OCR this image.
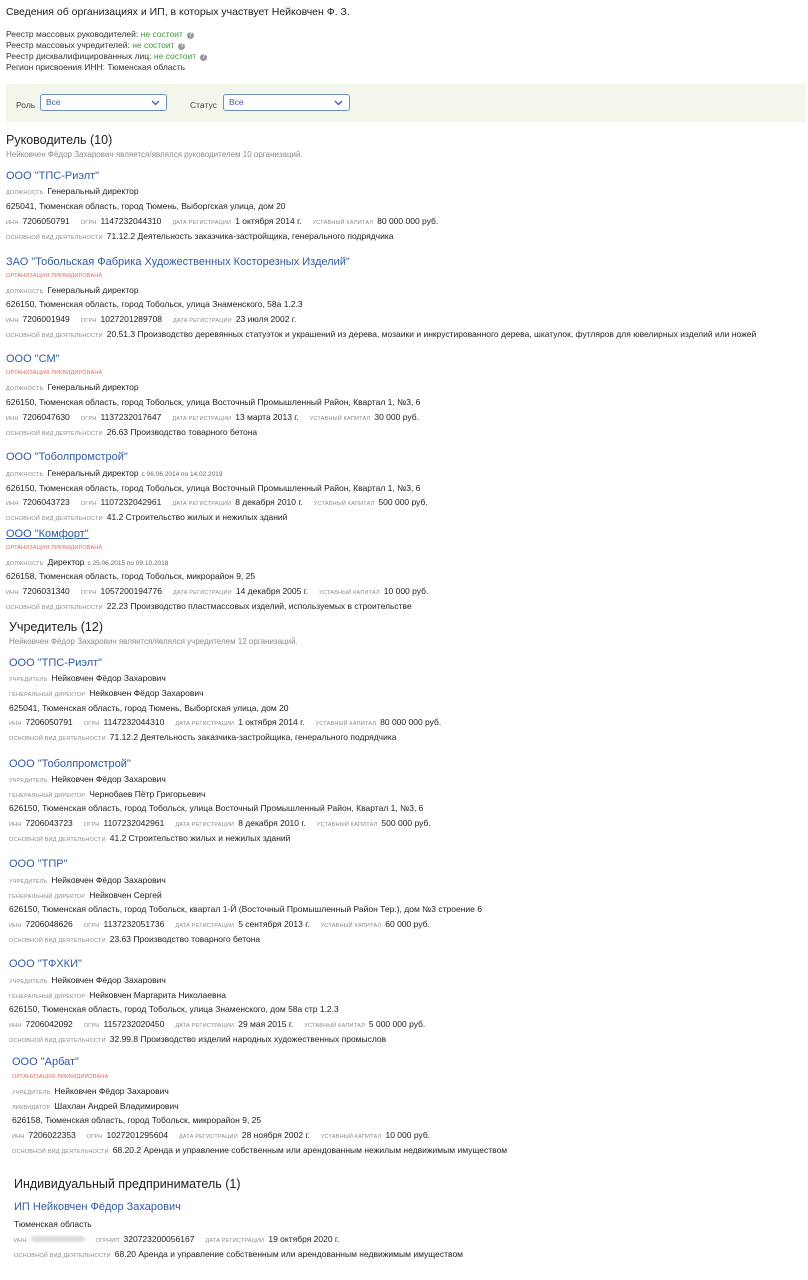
Сведения об организациях и ИП, в которых участвует Нейковчен Ф. З.
Реестр массовых руководителей: не состоит ?
Реестр массовых учредителей: не состоит ?
Реестр дисквалифицированных лиц: не состоит ?
Регион присвоения ИНН: Тюменская область
Роль	Все	Статус	Все
Руководитель (10)
Нейковчен Фёдор Захарович является/являлся руководителем 10 организаций.
ООО "ТПС-Риэлт"
ДОЛЖНОСТЬ Генеральный директор
625041, Тюменская область, город Тюмень, Выборгская улица, дом 20
ИНН 7206050791 ОГРН 1147232044310 ДАТА РЕГИСТРАЦИИ 1 октября 2014 г. УСТАВНЫЙ КАПИТАЛ 80 000 000 руб.
ОСНОВНОЙ ВИД ДЕЯТЕЛЬНОСТИ 71.12.2 Деятельность заказчика-застройщика, генерального подрядчика
ЗАО "Тобольская Фабрика Художественных Косторезных Изделий"
ОРГАНИЗАЦИЯ ЛИКВИДИРОВАНА
ДОЛЖНОСТЬ Генеральный директор
626150, Тюменская область, город Тобольск, улица Знаменского, 58а 1.2.3
ИНН 7206001949 ОГРН 1027201289708 ДАТА РЕГИСТРАЦИИ 23 июля 2002 г.
ОСНОВНОЙ ВИД ДЕЯТЕЛЬНОСТИ 20.51.3 Производство деревянных статуэток и украшений из дерева, мозаики и инкрустированного дерева, шкатулок, футляров для ювелирных изделий или ножей
ООО "СМ"
ОРГАНИЗАЦИЯ ЛИКВИДИРОВАНА
ДОЛЖНОСТЬ Генеральный директор
626150, Тюменская область, город Тобольск, улица Восточный Промышленный Район, Квартал 1, №3, 6
ИНН 7206047630 ОГРН 1137232017647 ДАТА РЕГИСТРАЦИИ 13 марта 2013 г. УСТАВНЫЙ КАПИТАЛ 30 000 руб.
ОСНОВНОЙ ВИД ДЕЯТЕЛЬНОСТИ 26.63 Производство товарного бетона
ООО "Тоболпромстрой"
ДОЛЖНОСТЬ Генеральный директор с 06.06.2014 по 14.02.2019
626150, Тюменская область, город Тобольск, улица Восточный Промышленный Район, Квартал 1, №3, 6
ИНН 7206043723 ОГРН 1107232042961 ДАТА РЕГИСТРАЦИИ 8 декабря 2010 г. УСТАВНЫЙ КАПИТАЛ 500 000 руб.
ОСНОВНОЙ ВИД ДЕЯТЕЛЬНОСТИ 41.2 Строительство жилых и нежилых зданий
ООО "Комфорт"
ОРГАНИЗАЦИЯ ЛИКВИДИРОВАНА
ДОЛЖНОСТЬ Директор с 25.06.2015 по 09.10.2018
626158, Тюменская область, город Тобольск, микрорайон 9, 25
ИНН 7206031340 ОГРН 1057200194776 ДАТА РЕГИСТРАЦИИ 14 декабря 2005 г. УСТАВНЫЙ КАПИТАЛ 10 000 руб.
ОСНОВНОЙ ВИД ДЕЯТЕЛЬНОСТИ 22.23 Производство пластмассовых изделий, используемых в строительстве
Учредитель (12)
Нейковчен Фёдор Захарович является/являлся учредителем 12 организаций.
ООО "ТПС-Риэлт"
УЧРЕДИТЕЛЬ Нейковчен Фёдор Захарович
ГЕНЕРАЛЬНЫЙ ДИРЕКТОР Нейковчен Фёдор Захарович
625041, Тюменская область, город Тюмень, Выборгская улица, дом 20
ИНН 7206050791 ОГРН 1147232044310 ДАТА РЕГИСТРАЦИИ 1 октября 2014 г. УСТАВНЫЙ КАПИТАЛ 80 000 000 руб.
ОСНОВНОЙ ВИД ДЕЯТЕЛЬНОСТИ 71.12.2 Деятельность заказчика-застройщика, генерального подрядчика
ООО "Тоболпромстрой"
УЧРЕДИТЕЛЬ Нейковчен Фёдор Захарович
ГЕНЕРАЛЬНЫЙ ДИРЕКТОР Чернобаев Пётр Григорьевич
626150, Тюменская область, город Тобольск, улица Восточный Промышленный Район, Квартал 1, №3, 6
ИНН 7206043723 ОГРН 1107232042961 ДАТА РЕГИСТРАЦИИ 8 декабря 2010 г. УСТАВНЫЙ КАПИТАЛ 500 000 руб.
ОСНОВНОЙ ВИД ДЕЯТЕЛЬНОСТИ 41.2 Строительство жилых и нежилых зданий
ООО "ТПР"
УЧРЕДИТЕЛЬ Нейковчен Фёдор Захарович
ГЕНЕРАЛЬНЫЙ ДИРЕКТОР Нейковчен Сергей
626150, Тюменская область, город Тобольск, квартал 1-Й (Восточный Промышленный Район Тер.), дом №3 строение 6
ИНН 7206048626 ОГРН 1137232051736 ДАТА РЕГИСТРАЦИИ 5 сентября 2013 г. УСТАВНЫЙ КАПИТАЛ 60 000 руб.
ОСНОВНОЙ ВИД ДЕЯТЕЛЬНОСТИ 23.63 Производство товарного бетона
ООО "ТФХКИ"
УЧРЕДИТЕЛЬ Нейковчен Фёдор Захарович
ГЕНЕРАЛЬНЫЙ ДИРЕКТОР Нейковчен Маргарита Николаевна
626150, Тюменская область, город Тобольск, улица Знаменского, дом 58а стр 1.2.3
ИНН 7206042092 ОГРН 1157232020450 ДАТА РЕГИСТРАЦИИ 29 мая 2015 г. УСТАВНЫЙ КАПИТАЛ 5 000 000 руб.
ОСНОВНОЙ ВИД ДЕЯТЕЛЬНОСТИ 32.99.8 Производство изделий народных художественных промыслов
ООО "Арбат"
ОРГАНИЗАЦИЯ ЛИКВИДИРОВАНА
УЧРЕДИТЕЛЬ Нейковчен Фёдор Захарович
ЛИКВИДАТОР Шахлан Андрей Владимирович
626158, Тюменская область, город Тобольск, микрорайон 9, 25
ИНН 7206022353 ОГРН 1027201295604 ДАТА РЕГИСТРАЦИИ 28 ноября 2002 г. УСТАВНЫЙ КАПИТАЛ 10 000 руб.
ОСНОВНОЙ ВИД ДЕЯТЕЛЬНОСТИ 68.20.2 Аренда и управление собственным или арендованным нежилым недвижимым имуществом
Индивидуальный предприниматель (1)
ИП Нейковчен Фёдор Захарович
Тюменская область
ИНН	ОГРНИП 320723200056167 ДАТА РЕГИСТРАЦИИ 19 октября 2020 г.
ОСНОВНОЙ ВИД ДЕЯТЕЛЬНОСТИ 68.20 Аренда и управление собственным или арендованным недвижимым имуществом
